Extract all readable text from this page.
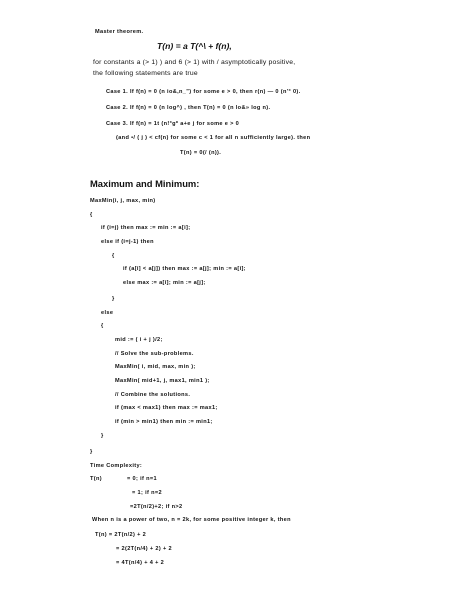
Master theorem.
T(n) = a T(^\ + f(n),
for constants a (> 1) ) and 6 (> 1) with / asymptotically positive,
the following statements are true
Case 1. If f(n) = 0 (n io&,n_") for some e > 0, then r(n) — 0 (n'° 0).
Case 2. If f(n) = 0 (n log^) , then T(n) = 0 (n lo&» log n).
Case 3. If f(n) = 1t (n!°gº a+e j for some e > 0
(and •/ ( j ) < cf(n) for some c < 1 for all n sufficiently large). then
T(n) = 0(/ (n)).
Maximum and Minimum:
MaxMin(i, j, max, min)
{
if (i=j) then max := min := a[i];
else if (i=j-1) then
{
if (a[i] < a[j]) then max := a[j]; min := a[i];
else max := a[i]; min := a[j];
}
else
{
mid := ( i + j )/2;
// Solve the sub-problems.
MaxMin( i, mid, max, min );
MaxMin( mid+1, j, max1, min1 );
// Combine the solutions.
if (max < max1) then max := max1;
if (min > min1) then min := min1;
}
}
Time Complexity:
T(n)	= 0; if n=1
= 1; if n=2
=2T(n/2)+2; if n>2
When n is a power of two, n = 2k, for some positive integer k, then
T(n) = 2T(n/2) + 2
= 2(2T(n/4) + 2) + 2
= 4T(n/4) + 4 + 2
